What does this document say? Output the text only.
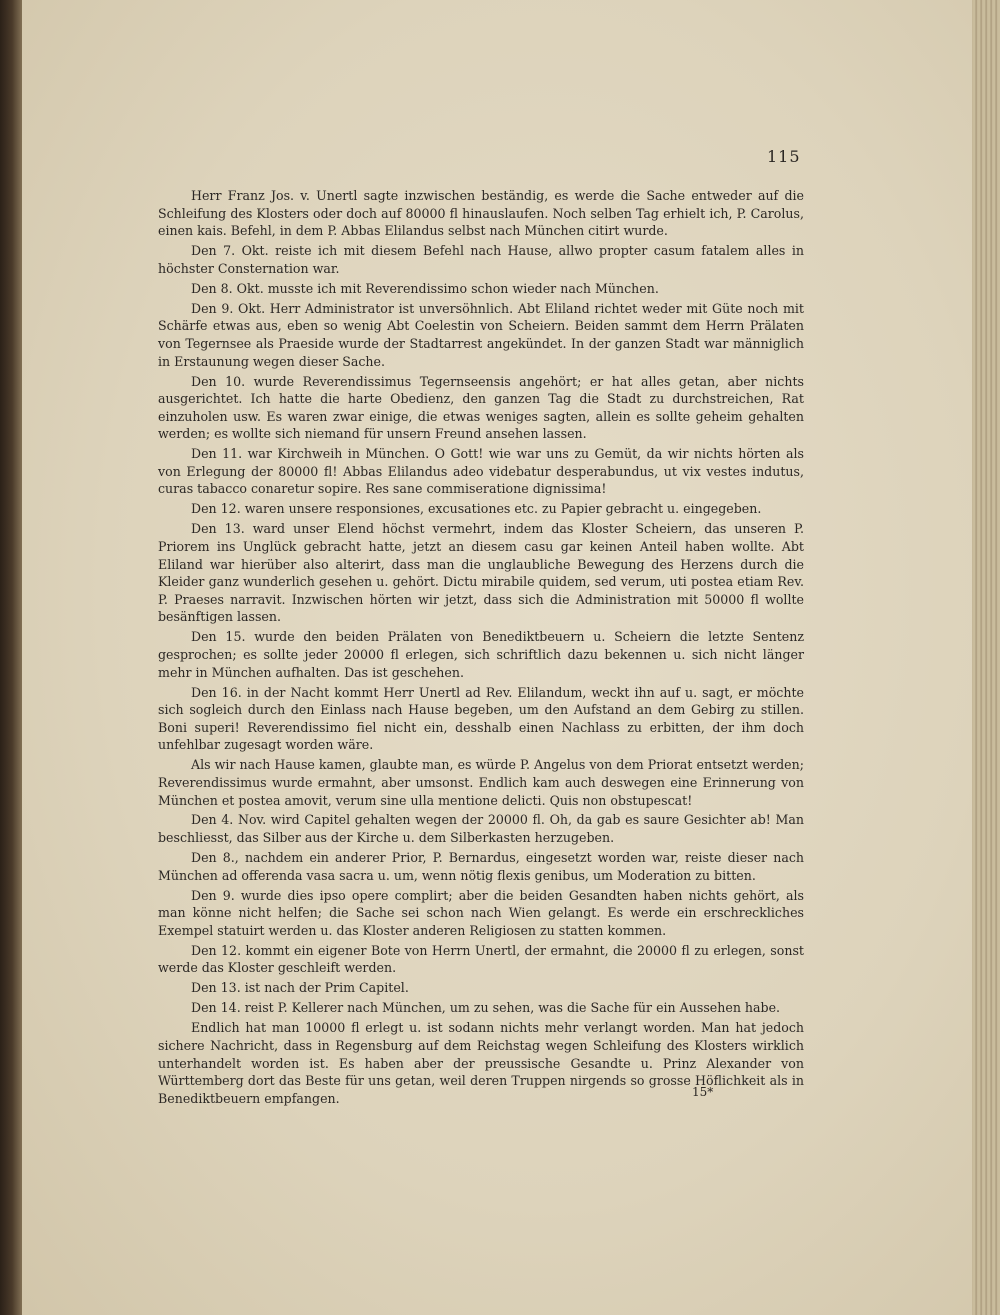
115

Herr Franz Jos. v. Unertl sagte inzwischen beständig, es werde die Sache entweder auf die Schleifung des Klosters oder doch auf 80000 fl hinauslaufen. Noch selben Tag erhielt ich, P. Carolus, einen kais. Befehl, in dem P. Abbas Elilandus selbst nach München citirt wurde.

Den 7. Okt. reiste ich mit diesem Befehl nach Hause, allwo propter casum fatalem alles in höchster Consternation war.

Den 8. Okt. musste ich mit Reverendissimo schon wieder nach München.

Den 9. Okt. Herr Administrator ist unversöhnlich. Abt Eliland richtet weder mit Güte noch mit Schärfe etwas aus, eben so wenig Abt Coelestin von Scheiern. Beiden sammt dem Herrn Prälaten von Tegernsee als Praeside wurde der Stadtarrest angekündet. In der ganzen Stadt war männiglich in Erstaunung wegen dieser Sache.

Den 10. wurde Reverendissimus Tegernseensis angehört; er hat alles getan, aber nichts ausgerichtet. Ich hatte die harte Obedienz, den ganzen Tag die Stadt zu durchstreichen, Rat einzuholen usw. Es waren zwar einige, die etwas weniges sagten, allein es sollte geheim gehalten werden; es wollte sich niemand für unsern Freund ansehen lassen.

Den 11. war Kirchweih in München. O Gott! wie war uns zu Gemüt, da wir nichts hörten als von Erlegung der 80000 fl! Abbas Elilandus adeo videbatur desperabundus, ut vix vestes indutus, curas tabacco conaretur sopire. Res sane commiseratione dignissima!

Den 12. waren unsere responsiones, excusationes etc. zu Papier gebracht u. eingegeben.

Den 13. ward unser Elend höchst vermehrt, indem das Kloster Scheiern, das unseren P. Priorem ins Unglück gebracht hatte, jetzt an diesem casu gar keinen Anteil haben wollte. Abt Eliland war hierüber also alterirt, dass man die unglaubliche Bewegung des Herzens durch die Kleider ganz wunderlich gesehen u. gehört. Dictu mirabile quidem, sed verum, uti postea etiam Rev. P. Praeses narravit. Inzwischen hörten wir jetzt, dass sich die Administration mit 50000 fl wollte besänftigen lassen.

Den 15. wurde den beiden Prälaten von Benediktbeuern u. Scheiern die letzte Sentenz gesprochen; es sollte jeder 20000 fl erlegen, sich schriftlich dazu bekennen u. sich nicht länger mehr in München aufhalten. Das ist geschehen.

Den 16. in der Nacht kommt Herr Unertl ad Rev. Elilandum, weckt ihn auf u. sagt, er möchte sich sogleich durch den Einlass nach Hause begeben, um den Aufstand an dem Gebirg zu stillen. Boni superi! Reverendissimo fiel nicht ein, desshalb einen Nachlass zu erbitten, der ihm doch unfehlbar zugesagt worden wäre.

Als wir nach Hause kamen, glaubte man, es würde P. Angelus von dem Priorat entsetzt werden; Reverendissimus wurde ermahnt, aber umsonst. Endlich kam auch deswegen eine Erinnerung von München et postea amovit, verum sine ulla mentione delicti. Quis non obstupescat!

Den 4. Nov. wird Capitel gehalten wegen der 20000 fl. Oh, da gab es saure Gesichter ab! Man beschliesst, das Silber aus der Kirche u. dem Silberkasten herzugeben.

Den 8., nachdem ein anderer Prior, P. Bernardus, eingesetzt worden war, reiste dieser nach München ad offerenda vasa sacra u. um, wenn nötig flexis genibus, um Moderation zu bitten.

Den 9. wurde dies ipso opere complirt; aber die beiden Gesandten haben nichts gehört, als man könne nicht helfen; die Sache sei schon nach Wien gelangt. Es werde ein erschreckliches Exempel statuirt werden u. das Kloster anderen Religiosen zu statten kommen.

Den 12. kommt ein eigener Bote von Herrn Unertl, der ermahnt, die 20000 fl zu erlegen, sonst werde das Kloster geschleift werden.

Den 13. ist nach der Prim Capitel.

Den 14. reist P. Kellerer nach München, um zu sehen, was die Sache für ein Aussehen habe.

Endlich hat man 10000 fl erlegt u. ist sodann nichts mehr verlangt worden. Man hat jedoch sichere Nachricht, dass in Regensburg auf dem Reichstag wegen Schleifung des Klosters wirklich unterhandelt worden ist. Es haben aber der preussische Gesandte u. Prinz Alexander von Württemberg dort das Beste für uns getan, weil deren Truppen nirgends so grosse Höflichkeit als in Benediktbeuern empfangen.	15*
